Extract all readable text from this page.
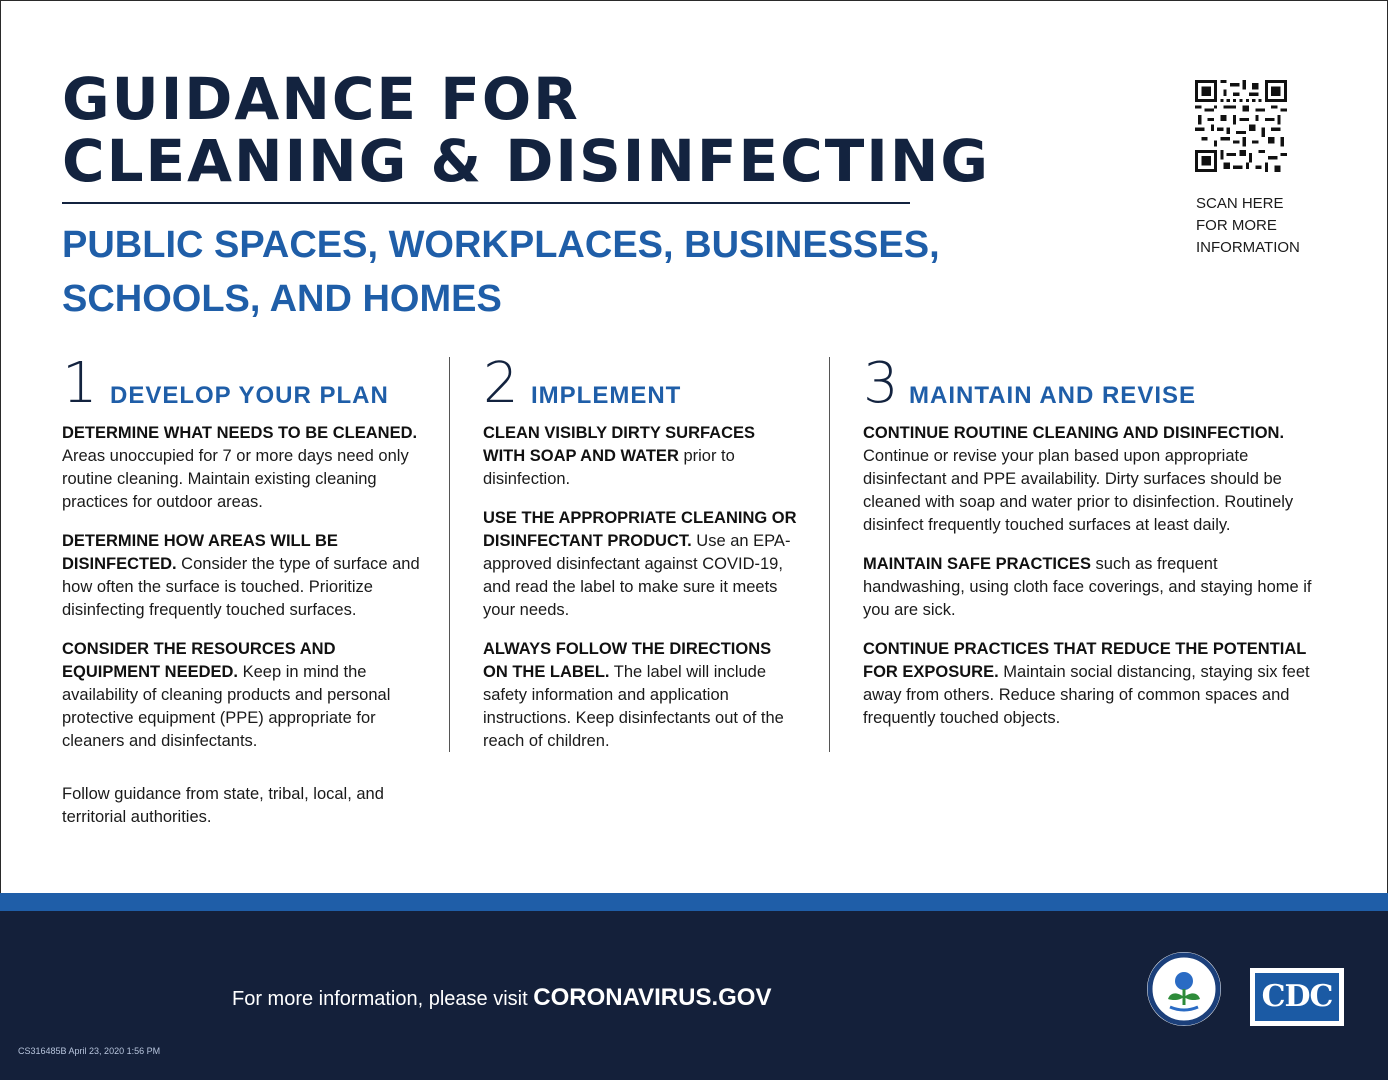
GUIDANCE FOR
CLEANING & DISINFECTING
PUBLIC SPACES, WORKPLACES, BUSINESSES,
SCHOOLS, AND HOMES
SCAN HERE
FOR MORE
INFORMATION
1 DEVELOP YOUR PLAN

DETERMINE WHAT NEEDS TO BE CLEANED. Areas unoccupied for 7 or more days need only routine cleaning. Maintain existing cleaning practices for outdoor areas.

DETERMINE HOW AREAS WILL BE DISINFECTED. Consider the type of surface and how often the surface is touched. Prioritize disinfecting frequently touched surfaces.

CONSIDER THE RESOURCES AND EQUIPMENT NEEDED. Keep in mind the availability of cleaning products and personal protective equipment (PPE) appropriate for cleaners and disinfectants.

Follow guidance from state, tribal, local, and territorial authorities.
2 IMPLEMENT

CLEAN VISIBLY DIRTY SURFACES WITH SOAP AND WATER prior to disinfection.

USE THE APPROPRIATE CLEANING OR DISINFECTANT PRODUCT. Use an EPA-approved disinfectant against COVID-19, and read the label to make sure it meets your needs.

ALWAYS FOLLOW THE DIRECTIONS ON THE LABEL. The label will include safety information and application instructions. Keep disinfectants out of the reach of children.

3 MAINTAIN AND REVISE

CONTINUE ROUTINE CLEANING AND DISINFECTION. Continue or revise your plan based upon appropriate disinfectant and PPE availability. Dirty surfaces should be cleaned with soap and water prior to disinfection. Routinely disinfect frequently touched surfaces at least daily.

MAINTAIN SAFE PRACTICES such as frequent handwashing, using cloth face coverings, and staying home if you are sick.

CONTINUE PRACTICES THAT REDUCE THE POTENTIAL FOR EXPOSURE. Maintain social distancing, staying six feet away from others. Reduce sharing of common spaces and frequently touched objects.

For more information, please visit CORONAVIRUS.GOV
CS316485B April 23, 2020 1:56 PM
CDC
